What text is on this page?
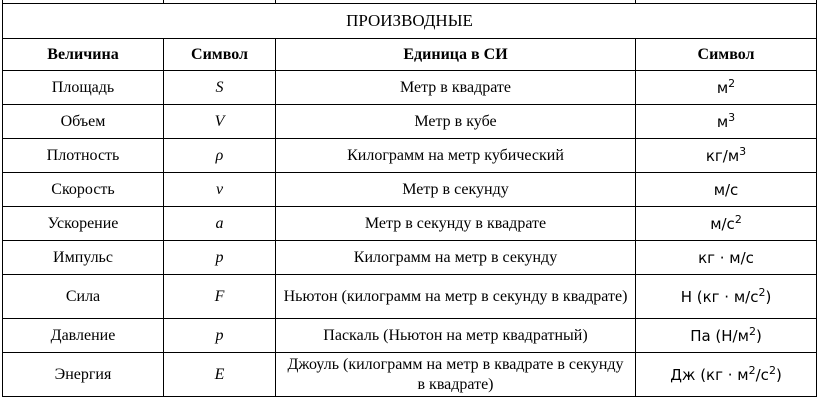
ПРОИЗВОДНЫЕ			
Величина	Символ	Единица в СИ	Символ
Площадь	S	Метр в квадрате	$м^2$
Объем	V	Метр в кубе	$м^3$
Плотность	ρ	Килограмм на метр кубический	$кг/м^3$
Скорость	v	Метр в секунду	м/с
Ускорение	a	Метр в секунду в квадрате	$м/с^2$
Импульс	p	Килограмм на метр в секунду	кг · м/с
Сила	F	Ньютон (килограмм на метр в секунду в квадрате)	Н $(кг \cdot м/с^2)$
Давление	p	Паскаль (Ньютон на метр квадратный)	Па $(Н/м^2)$
Энергия	E	Джоуль (килограмм на метр в квадрате в секунду в квадрате)	Дж $(кг \cdot м^2/с^2)$
